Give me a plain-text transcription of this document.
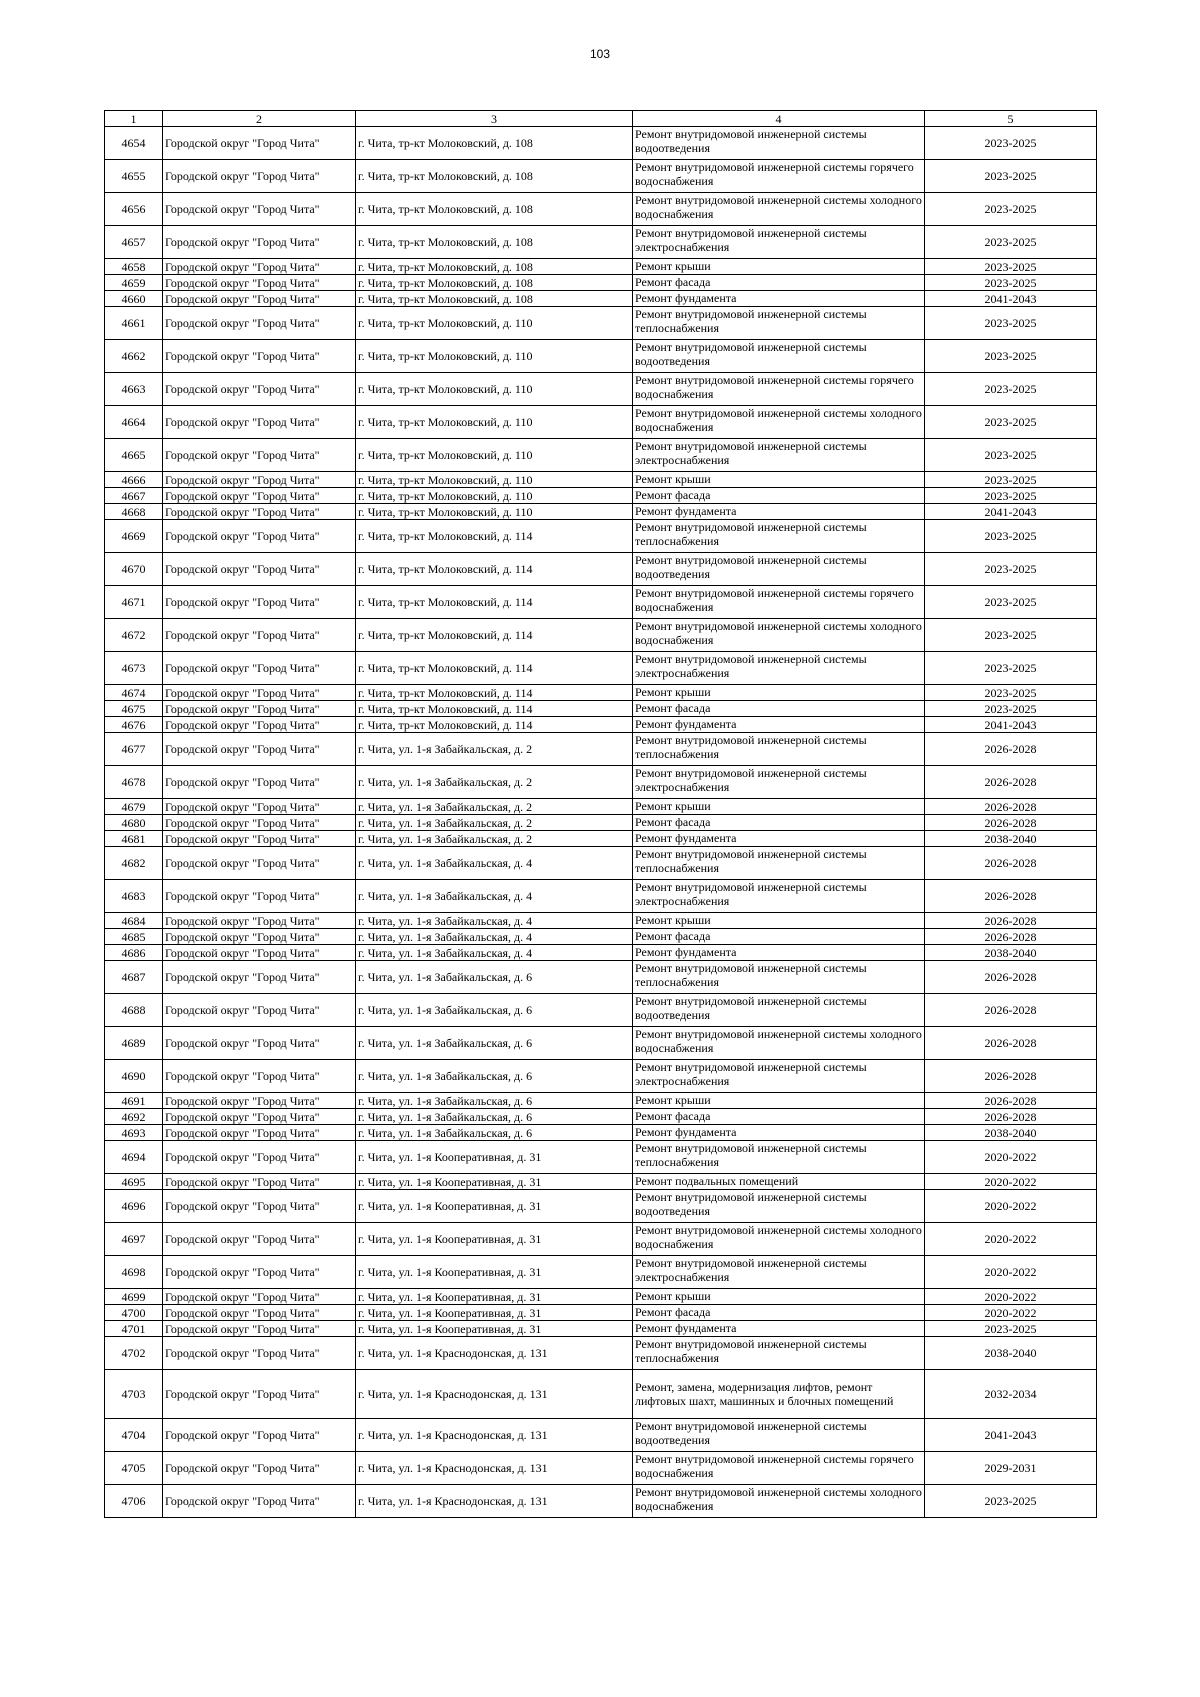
103
1	2	3	4	5
4654	Городской округ "Город Чита"	г. Чита, тр-кт Молоковский, д. 108	Ремонт внутридомовой инженерной системы водоотведения	2023-2025
4655	Городской округ "Город Чита"	г. Чита, тр-кт Молоковский, д. 108	Ремонт внутридомовой инженерной системы горячего водоснабжения	2023-2025
4656	Городской округ "Город Чита"	г. Чита, тр-кт Молоковский, д. 108	Ремонт внутридомовой инженерной системы холодного водоснабжения	2023-2025
4657	Городской округ "Город Чита"	г. Чита, тр-кт Молоковский, д. 108	Ремонт внутридомовой инженерной системы электроснабжения	2023-2025
4658	Городской округ "Город Чита"	г. Чита, тр-кт Молоковский, д. 108	Ремонт крыши	2023-2025
4659	Городской округ "Город Чита"	г. Чита, тр-кт Молоковский, д. 108	Ремонт фасада	2023-2025
4660	Городской округ "Город Чита"	г. Чита, тр-кт Молоковский, д. 108	Ремонт фундамента	2041-2043
4661	Городской округ "Город Чита"	г. Чита, тр-кт Молоковский, д. 110	Ремонт внутридомовой инженерной системы теплоснабжения	2023-2025
4662	Городской округ "Город Чита"	г. Чита, тр-кт Молоковский, д. 110	Ремонт внутридомовой инженерной системы водоотведения	2023-2025
4663	Городской округ "Город Чита"	г. Чита, тр-кт Молоковский, д. 110	Ремонт внутридомовой инженерной системы горячего водоснабжения	2023-2025
4664	Городской округ "Город Чита"	г. Чита, тр-кт Молоковский, д. 110	Ремонт внутридомовой инженерной системы холодного водоснабжения	2023-2025
4665	Городской округ "Город Чита"	г. Чита, тр-кт Молоковский, д. 110	Ремонт внутридомовой инженерной системы электроснабжения	2023-2025
4666	Городской округ "Город Чита"	г. Чита, тр-кт Молоковский, д. 110	Ремонт крыши	2023-2025
4667	Городской округ "Город Чита"	г. Чита, тр-кт Молоковский, д. 110	Ремонт фасада	2023-2025
4668	Городской округ "Город Чита"	г. Чита, тр-кт Молоковский, д. 110	Ремонт фундамента	2041-2043
4669	Городской округ "Город Чита"	г. Чита, тр-кт Молоковский, д. 114	Ремонт внутридомовой инженерной системы теплоснабжения	2023-2025
4670	Городской округ "Город Чита"	г. Чита, тр-кт Молоковский, д. 114	Ремонт внутридомовой инженерной системы водоотведения	2023-2025
4671	Городской округ "Город Чита"	г. Чита, тр-кт Молоковский, д. 114	Ремонт внутридомовой инженерной системы горячего водоснабжения	2023-2025
4672	Городской округ "Город Чита"	г. Чита, тр-кт Молоковский, д. 114	Ремонт внутридомовой инженерной системы холодного водоснабжения	2023-2025
4673	Городской округ "Город Чита"	г. Чита, тр-кт Молоковский, д. 114	Ремонт внутридомовой инженерной системы электроснабжения	2023-2025
4674	Городской округ "Город Чита"	г. Чита, тр-кт Молоковский, д. 114	Ремонт крыши	2023-2025
4675	Городской округ "Город Чита"	г. Чита, тр-кт Молоковский, д. 114	Ремонт фасада	2023-2025
4676	Городской округ "Город Чита"	г. Чита, тр-кт Молоковский, д. 114	Ремонт фундамента	2041-2043
4677	Городской округ "Город Чита"	г. Чита, ул. 1-я Забайкальская, д. 2	Ремонт внутридомовой инженерной системы теплоснабжения	2026-2028
4678	Городской округ "Город Чита"	г. Чита, ул. 1-я Забайкальская, д. 2	Ремонт внутридомовой инженерной системы электроснабжения	2026-2028
4679	Городской округ "Город Чита"	г. Чита, ул. 1-я Забайкальская, д. 2	Ремонт крыши	2026-2028
4680	Городской округ "Город Чита"	г. Чита, ул. 1-я Забайкальская, д. 2	Ремонт фасада	2026-2028
4681	Городской округ "Город Чита"	г. Чита, ул. 1-я Забайкальская, д. 2	Ремонт фундамента	2038-2040
4682	Городской округ "Город Чита"	г. Чита, ул. 1-я Забайкальская, д. 4	Ремонт внутридомовой инженерной системы теплоснабжения	2026-2028
4683	Городской округ "Город Чита"	г. Чита, ул. 1-я Забайкальская, д. 4	Ремонт внутридомовой инженерной системы электроснабжения	2026-2028
4684	Городской округ "Город Чита"	г. Чита, ул. 1-я Забайкальская, д. 4	Ремонт крыши	2026-2028
4685	Городской округ "Город Чита"	г. Чита, ул. 1-я Забайкальская, д. 4	Ремонт фасада	2026-2028
4686	Городской округ "Город Чита"	г. Чита, ул. 1-я Забайкальская, д. 4	Ремонт фундамента	2038-2040
4687	Городской округ "Город Чита"	г. Чита, ул. 1-я Забайкальская, д. 6	Ремонт внутридомовой инженерной системы теплоснабжения	2026-2028
4688	Городской округ "Город Чита"	г. Чита, ул. 1-я Забайкальская, д. 6	Ремонт внутридомовой инженерной системы водоотведения	2026-2028
4689	Городской округ "Город Чита"	г. Чита, ул. 1-я Забайкальская, д. 6	Ремонт внутридомовой инженерной системы холодного водоснабжения	2026-2028
4690	Городской округ "Город Чита"	г. Чита, ул. 1-я Забайкальская, д. 6	Ремонт внутридомовой инженерной системы электроснабжения	2026-2028
4691	Городской округ "Город Чита"	г. Чита, ул. 1-я Забайкальская, д. 6	Ремонт крыши	2026-2028
4692	Городской округ "Город Чита"	г. Чита, ул. 1-я Забайкальская, д. 6	Ремонт фасада	2026-2028
4693	Городской округ "Город Чита"	г. Чита, ул. 1-я Забайкальская, д. 6	Ремонт фундамента	2038-2040
4694	Городской округ "Город Чита"	г. Чита, ул. 1-я Кооперативная, д. 31	Ремонт внутридомовой инженерной системы теплоснабжения	2020-2022
4695	Городской округ "Город Чита"	г. Чита, ул. 1-я Кооперативная, д. 31	Ремонт подвальных помещений	2020-2022
4696	Городской округ "Город Чита"	г. Чита, ул. 1-я Кооперативная, д. 31	Ремонт внутридомовой инженерной системы водоотведения	2020-2022
4697	Городской округ "Город Чита"	г. Чита, ул. 1-я Кооперативная, д. 31	Ремонт внутридомовой инженерной системы холодного водоснабжения	2020-2022
4698	Городской округ "Город Чита"	г. Чита, ул. 1-я Кооперативная, д. 31	Ремонт внутридомовой инженерной системы электроснабжения	2020-2022
4699	Городской округ "Город Чита"	г. Чита, ул. 1-я Кооперативная, д. 31	Ремонт крыши	2020-2022
4700	Городской округ "Город Чита"	г. Чита, ул. 1-я Кооперативная, д. 31	Ремонт фасада	2020-2022
4701	Городской округ "Город Чита"	г. Чита, ул. 1-я Кооперативная, д. 31	Ремонт фундамента	2023-2025
4702	Городской округ "Город Чита"	г. Чита, ул. 1-я Краснодонская, д. 131	Ремонт внутридомовой инженерной системы теплоснабжения	2038-2040
4703	Городской округ "Город Чита"	г. Чита, ул. 1-я Краснодонская, д. 131	Ремонт, замена, модернизация лифтов, ремонт лифтовых шахт, машинных и блочных помещений	2032-2034
4704	Городской округ "Город Чита"	г. Чита, ул. 1-я Краснодонская, д. 131	Ремонт внутридомовой инженерной системы водоотведения	2041-2043
4705	Городской округ "Город Чита"	г. Чита, ул. 1-я Краснодонская, д. 131	Ремонт внутридомовой инженерной системы горячего водоснабжения	2029-2031
4706	Городской округ "Город Чита"	г. Чита, ул. 1-я Краснодонская, д. 131	Ремонт внутридомовой инженерной системы холодного водоснабжения	2023-2025
